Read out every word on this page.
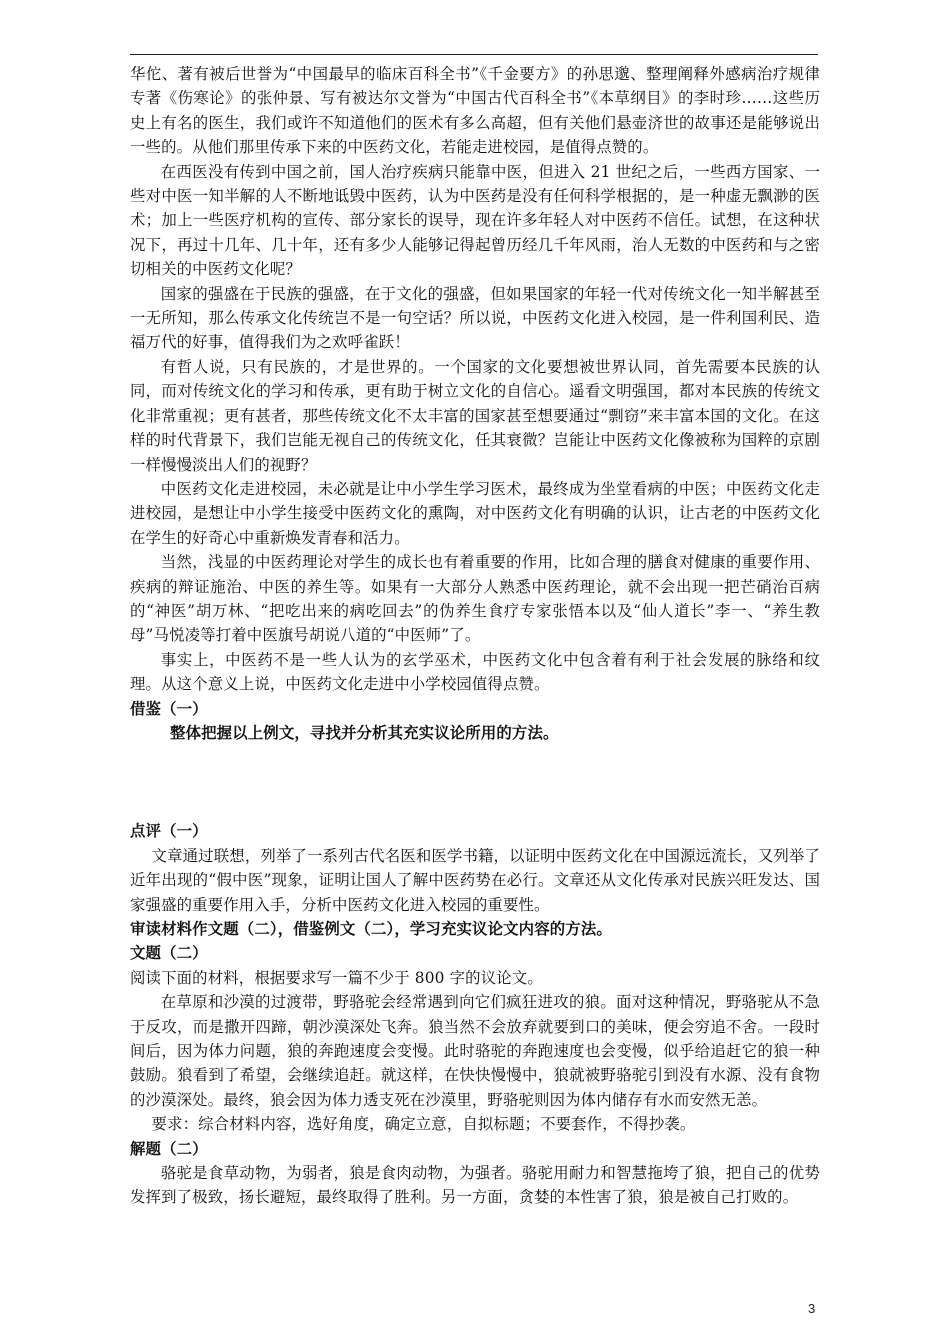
华佗、著有被后世誉为“中国最早的临床百科全书”《千金要方》的孙思邈、整理阐释外感病治疗规律专著《伤寒论》的张仲景、写有被达尔文誉为“中国古代百科全书”《本草纲目》的李时珍……这些历史上有名的医生，我们或许不知道他们的医术有多么高超，但有关他们悬壶济世的故事还是能够说出一些的。从他们那里传承下来的中医药文化，若能走进校园，是值得点赞的。

在西医没有传到中国之前，国人治疗疾病只能靠中医，但进入 21 世纪之后，一些西方国家、一些对中医一知半解的人不断地诋毁中医药，认为中医药是没有任何科学根据的，是一种虚无飘渺的医术；加上一些医疗机构的宣传、部分家长的误导，现在许多年轻人对中医药不信任。试想，在这种状况下，再过十几年、几十年，还有多少人能够记得起曾历经几千年风雨，治人无数的中医药和与之密切相关的中医药文化呢？

国家的强盛在于民族的强盛，在于文化的强盛，但如果国家的年轻一代对传统文化一知半解甚至一无所知，那么传承文化传统岂不是一句空话？所以说，中医药文化进入校园，是一件利国利民、造福万代的好事，值得我们为之欢呼雀跃！

有哲人说，只有民族的，才是世界的。一个国家的文化要想被世界认同，首先需要本民族的认同，而对传统文化的学习和传承，更有助于树立文化的自信心。遥看文明强国，都对本民族的传统文化非常重视；更有甚者，那些传统文化不太丰富的国家甚至想要通过“剽窃”来丰富本国的文化。在这样的时代背景下，我们岂能无视自己的传统文化，任其衰微？岂能让中医药文化像被称为国粹的京剧一样慢慢淡出人们的视野？

中医药文化走进校园，未必就是让中小学生学习医术，最终成为坐堂看病的中医；中医药文化走进校园，是想让中小学生接受中医药文化的熏陶，对中医药文化有明确的认识，让古老的中医药文化在学生的好奇心中重新焕发青春和活力。

当然，浅显的中医药理论对学生的成长也有着重要的作用，比如合理的膳食对健康的重要作用、疾病的辩证施治、中医的养生等。如果有一大部分人熟悉中医药理论，就不会出现一把芒硝治百病的“神医”胡万林、“把吃出来的病吃回去”的伪养生食疗专家张悟本以及“仙人道长”李一、“养生教母”马悦凌等打着中医旗号胡说八道的“中医师”了。

事实上，中医药不是一些人认为的玄学巫术，中医药文化中包含着有利于社会发展的脉络和纹理。从这个意义上说，中医药文化走进中小学校园值得点赞。

借鉴（一）

整体把握以上例文，寻找并分析其充实议论所用的方法。

点评（一）

文章通过联想，列举了一系列古代名医和医学书籍，以证明中医药文化在中国源远流长，又列举了近年出现的“假中医”现象，证明让国人了解中医药势在必行。文章还从文化传承对民族兴旺发达、国家强盛的重要作用入手，分析中医药文化进入校园的重要性。

审读材料作文题（二），借鉴例文（二），学习充实议论文内容的方法。

文题（二）

阅读下面的材料，根据要求写一篇不少于 800 字的议论文。

在草原和沙漠的过渡带，野骆驼会经常遇到向它们疯狂进攻的狼。面对这种情况，野骆驼从不急于反攻，而是撒开四蹄，朝沙漠深处飞奔。狼当然不会放弃就要到口的美味，便会穷追不舍。一段时间后，因为体力问题，狼的奔跑速度会变慢。此时骆驼的奔跑速度也会变慢，似乎给追赶它的狼一种鼓励。狼看到了希望，会继续追赶。就这样，在快快慢慢中，狼就被野骆驼引到没有水源、没有食物的沙漠深处。最终，狼会因为体力透支死在沙漠里，野骆驼则因为体内储存有水而安然无恙。

要求：综合材料内容，选好角度，确定立意，自拟标题；不要套作，不得抄袭。

解题（二）

骆驼是食草动物，为弱者，狼是食肉动物，为强者。骆驼用耐力和智慧拖垮了狼，把自己的优势发挥到了极致，扬长避短，最终取得了胜利。另一方面，贪婪的本性害了狼，狼是被自己打败的。

3
